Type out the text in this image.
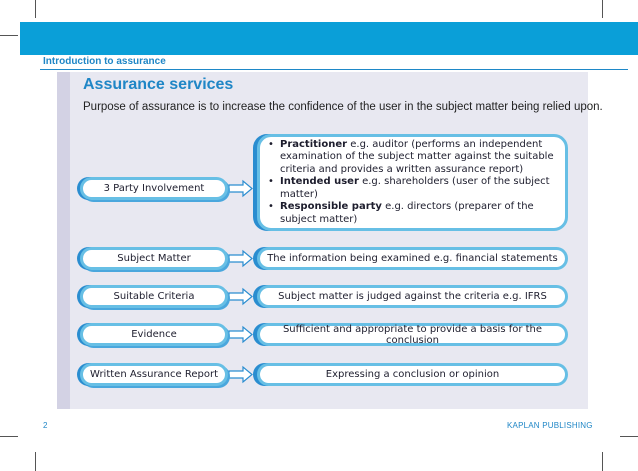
Introduction to assurance
Assurance services
Purpose of assurance is to increase the confidence of the user in the subject matter being relied upon.
3 Party Involvement
Subject Matter
Suitable Criteria
Evidence
Written Assurance Report
• Practitioner e.g. auditor (performs an independent examination of the subject matter against the suitable criteria and provides a written assurance report)
• Intended user e.g. shareholders (user of the subject matter)
• Responsible party e.g. directors (preparer of the subject matter)
The information being examined e.g. financial statements
Subject matter is judged against the criteria e.g. IFRS
Sufficient and appropriate to provide a basis for the conclusion
Expressing a conclusion or opinion
2	KAPLAN PUBLISHING
